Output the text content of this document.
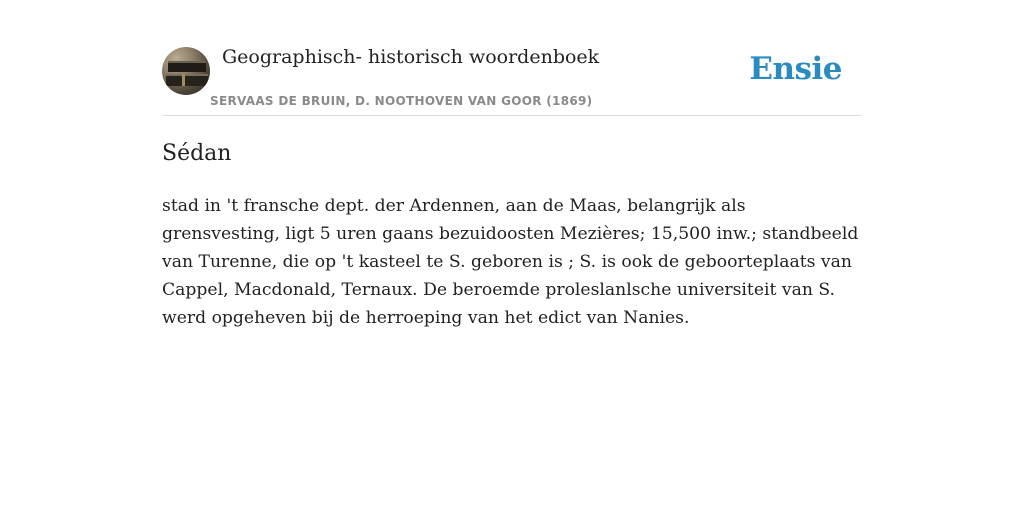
Geographisch- historisch woordenboek
SERVAAS DE BRUIN, D. NOOTHOVEN VAN GOOR (1869)
Ensie
Sédan
stad in 't fransche dept. der Ardennen, aan de Maas, belangrijk als grensvesting, ligt 5 uren gaans bezuidoosten Mezières; 15,500 inw.; standbeeld van Turenne, die op 't kasteel te S. geboren is ; S. is ook de geboorteplaats van Cappel, Macdonald, Ternaux. De beroemde proleslanlsche universiteit van S. werd opgeheven bij de herroeping van het edict van Nanies.
